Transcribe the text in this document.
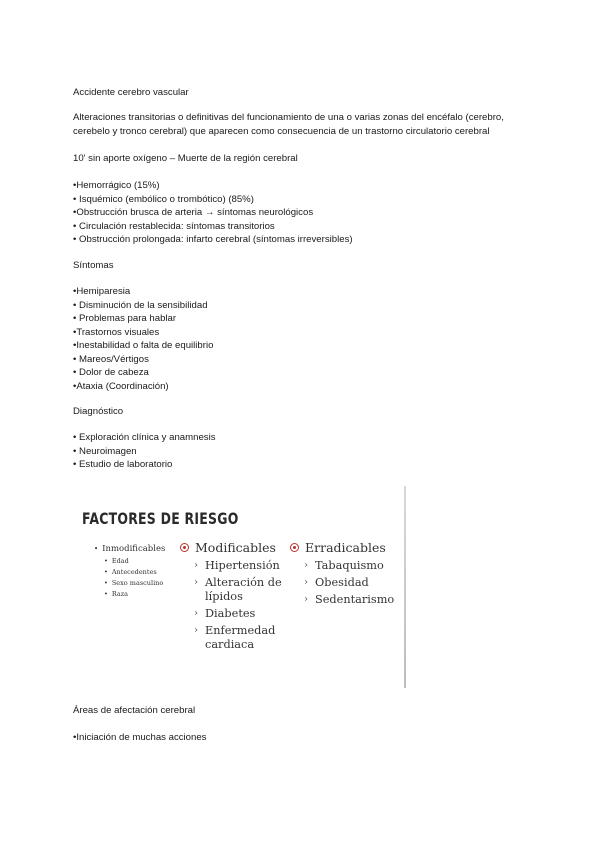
Accidente cerebro vascular
Alteraciones transitorias o definitivas del funcionamiento de una o varias zonas del encéfalo (cerebro, cerebelo y tronco cerebral) que aparecen como consecuencia de un trastorno circulatorio cerebral
10' sin aporte oxígeno – Muerte de la región cerebral
•Hemorrágico (15%)
• Isquémico (embólico o trombótico) (85%)
•Obstrucción brusca de arteria → síntomas neurológicos
• Circulación restablecida: síntomas transitorios
• Obstrucción prolongada: infarto cerebral (síntomas irreversibles)
Síntomas
•Hemiparesia
• Disminución de la sensibilidad
• Problemas para hablar
•Trastornos visuales
•Inestabilidad o falta de equilibrio
• Mareos/Vértigos
• Dolor de cabeza
•Ataxia (Coordinación)
Diagnóstico
• Exploración clínica y anamnesis
• Neuroimagen
• Estudio de laboratorio
Áreas de afectación cerebral
•Iniciación de muchas acciones
FACTORES DE RIESGO
• Inmodificables
• Edad
• Antecedentes
• Sexo masculino
• Raza
Modificables
› Hipertensión
› Alteración de lípidos
› Diabetes
› Enfermedad cardiaca
Erradicables
› Tabaquismo
› Obesidad
› Sedentarismo
